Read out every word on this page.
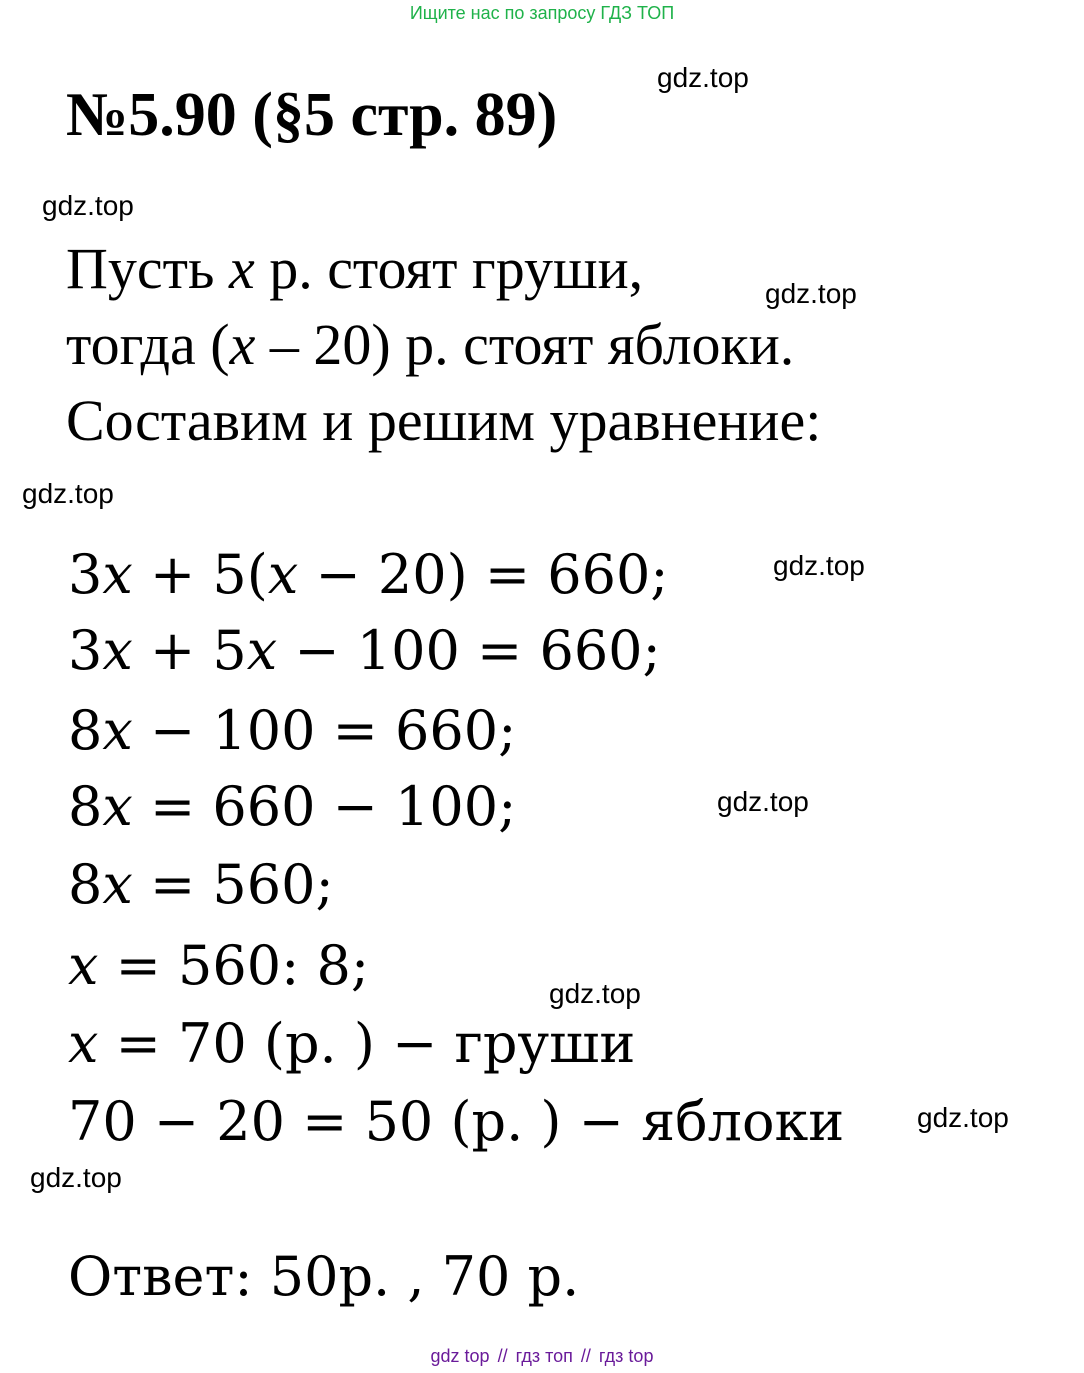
Ищите нас по запросу ГДЗ ТОП
№5.90 (§5 стр. 89)
gdz.top
gdz.top
gdz.top
gdz.top
gdz.top
gdz.top
gdz.top
gdz.top
gdz.top
Пусть x р. стоят груши,
тогда (x – 20) р. стоят яблоки.
Составим и решим уравнение:
3x + 5(x − 20) = 660;
3x + 5x − 100 = 660;
8x − 100 = 660;
8x = 660 − 100;
8x = 560;
x = 560: 8;
x = 70 (р. ) − груши
70 − 20 = 50 (р. ) − яблоки
Ответ: 50р. , 70 р.
gdz top // гдз топ // гдз top
